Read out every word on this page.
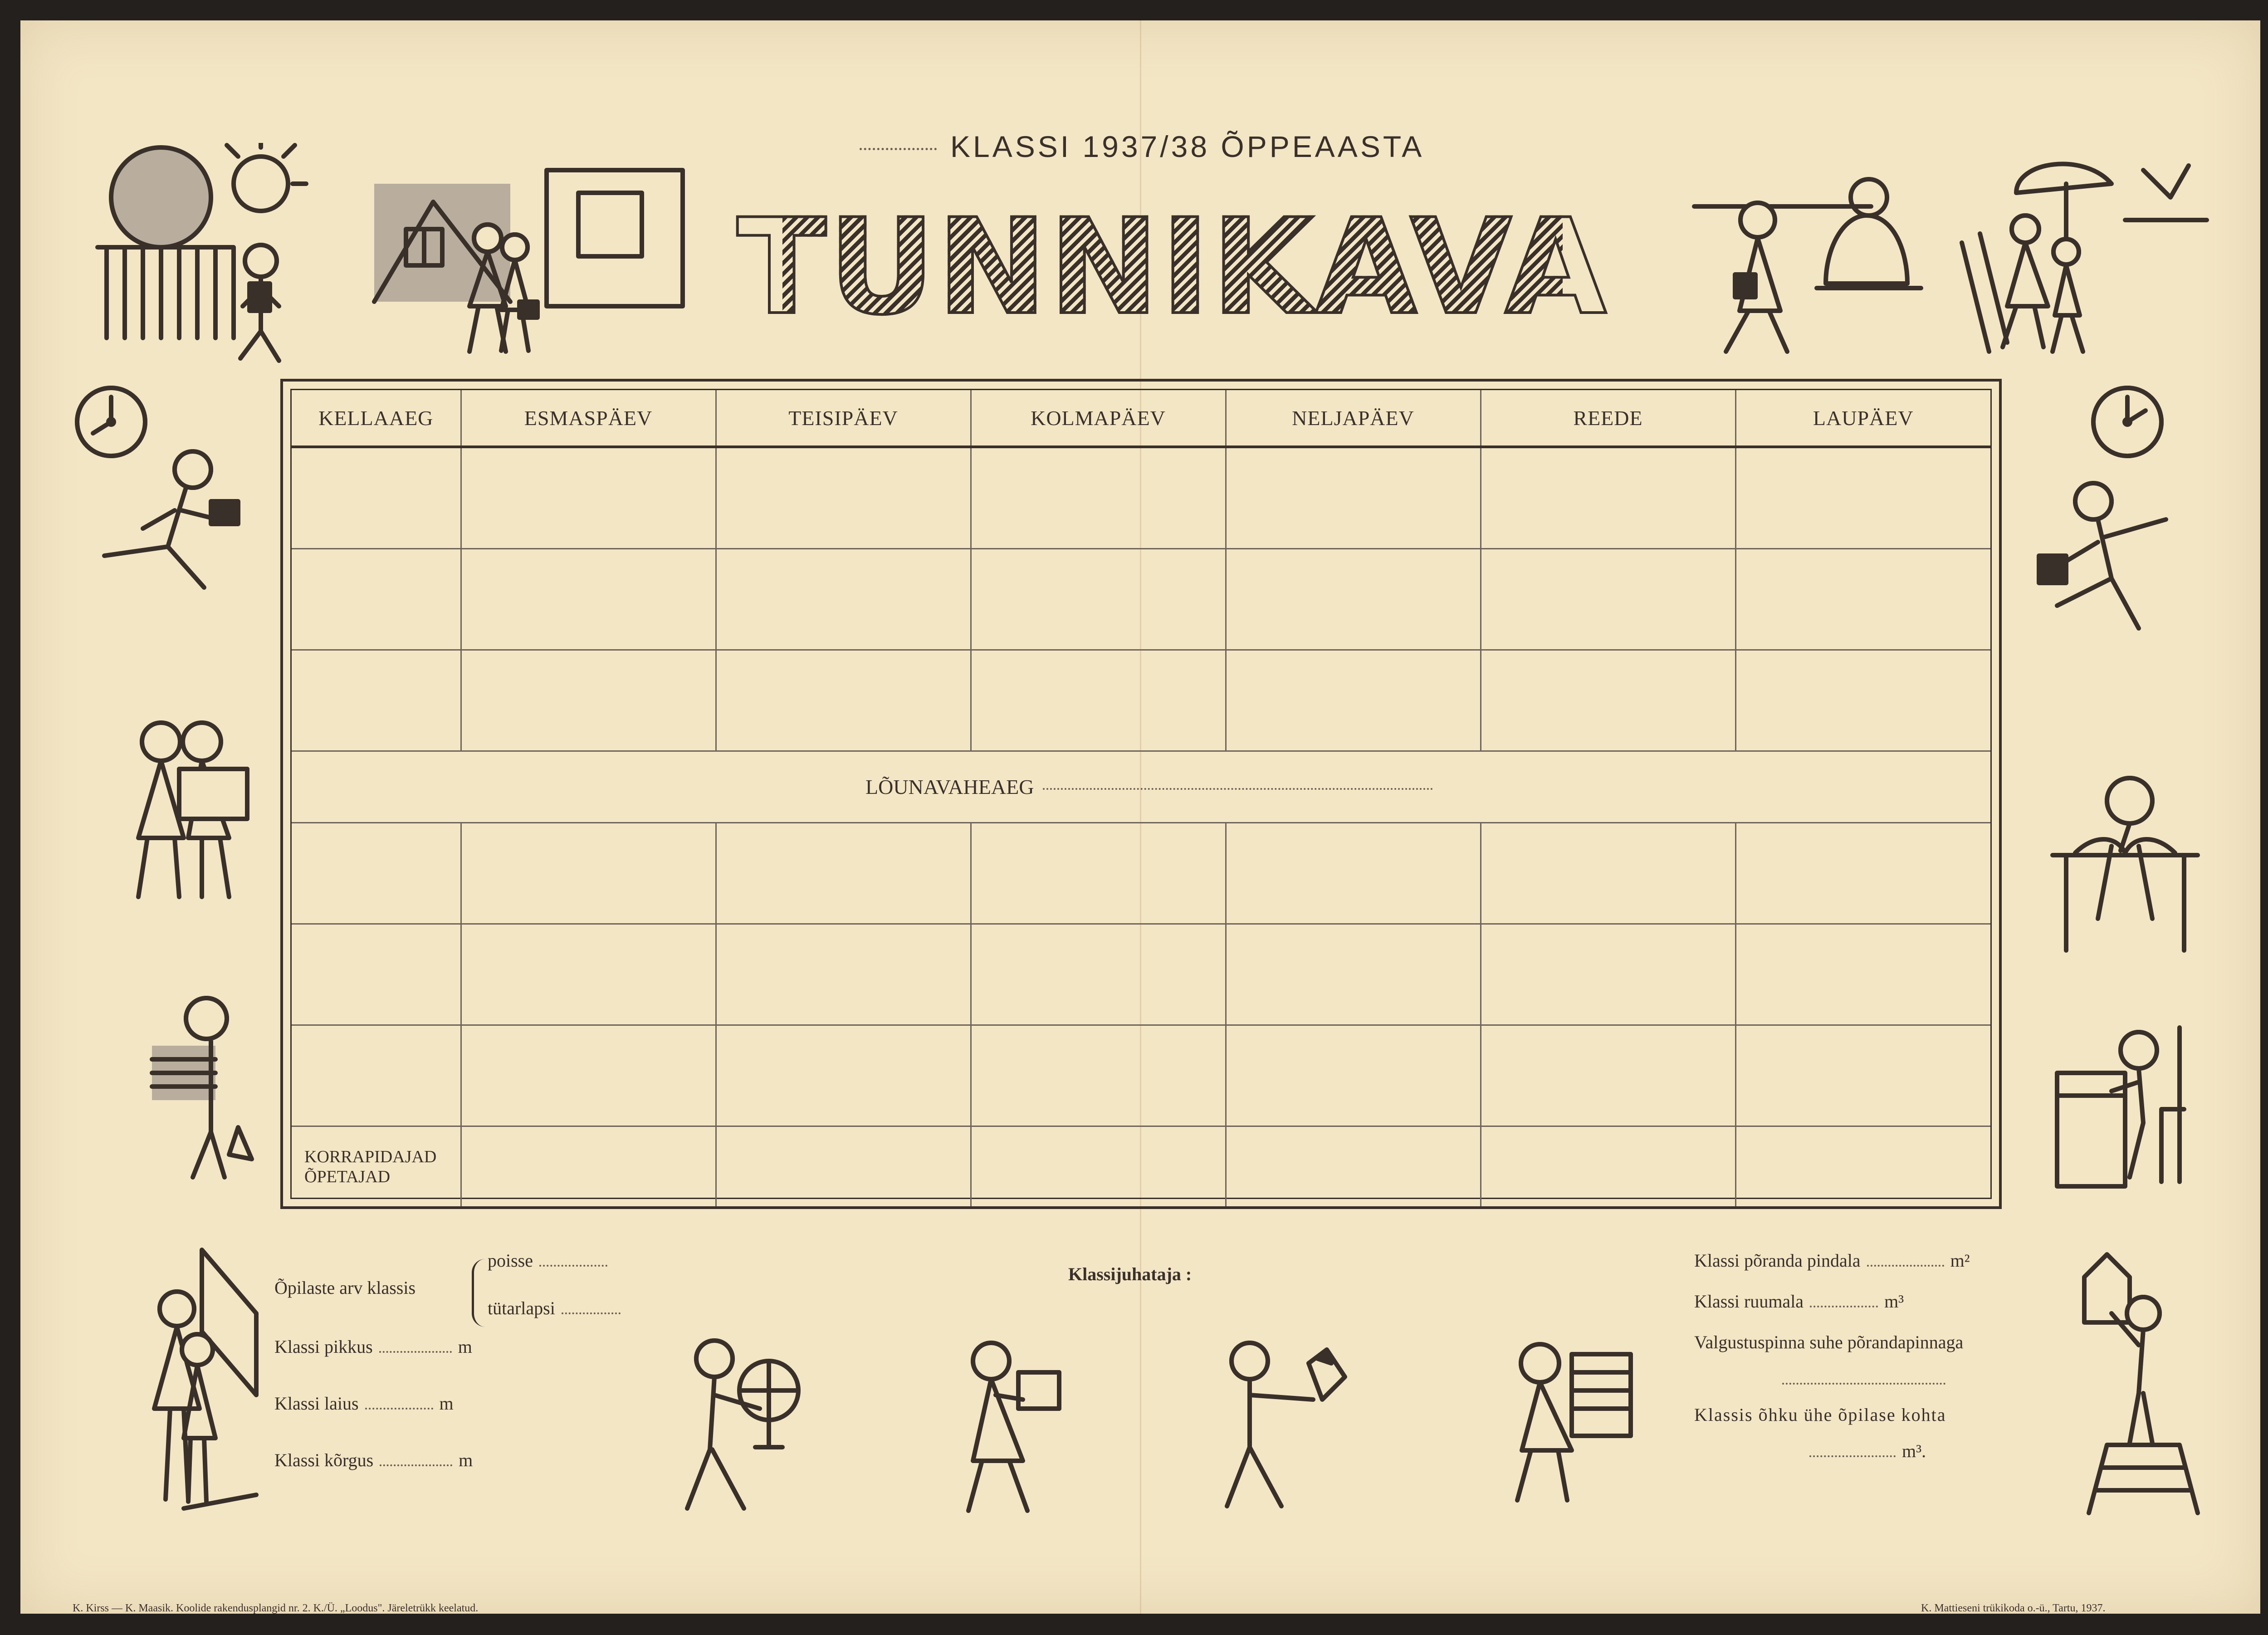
KLASSI 1937/38 ÕPPEAASTA
TUNNIKAVA
KELLAAEG	ESMASPÄEV	TEISIPÄEV	KOLMAPÄEV	NELJAPÄEV	REEDE	LAUPÄEV

LÕUNAVAHEAEG						

KORRAPIDAJAD
ÕPETAJAD						
Õpilaste arv klassis
poisse
tütarlapsi
Klassi pikkus	m
Klassi laius	m
Klassi kõrgus	m
Klassijuhataja :
Klassi põranda pindala	m²
Klassi ruumala	m³
Valgustuspinna suhe põrandapinnaga
Klassis õhku ühe õpilase kohta
m³.
K. Kirss — K. Maasik. Koolide rakendusplangid nr. 2. K./Ü. „Loodus". Järeletrükk keelatud.	K. Mattieseni trükikoda o.-ü., Tartu, 1937.
